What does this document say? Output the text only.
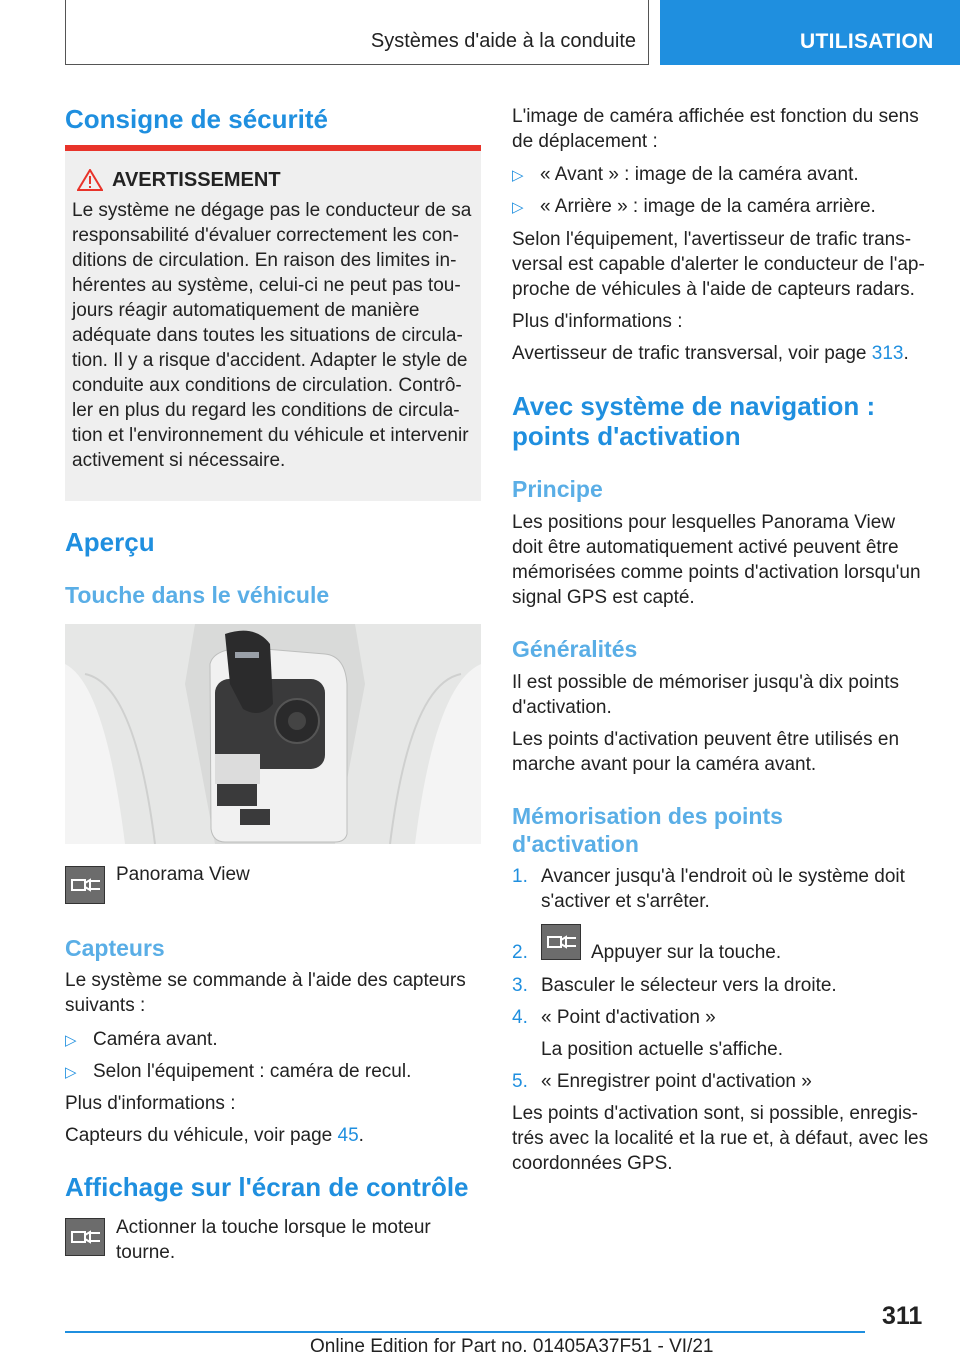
Systèmes d'aide à la conduite	UTILISATION
Consigne de sécurité
AVERTISSEMENT
Le système ne dégage pas le conducteur de sa
responsabilité d'évaluer correctement les con-
ditions de circulation. En raison des limites in-
hérentes au système, celui-ci ne peut pas tou-
jours réagir automatiquement de manière
adéquate dans toutes les situations de circula-
tion. Il y a risque d'accident. Adapter le style de
conduite aux conditions de circulation. Contrô-
ler en plus du regard les conditions de circula-
tion et l'environnement du véhicule et intervenir
activement si nécessaire.
Aperçu
Touche dans le véhicule
Panorama View
Capteurs
Le système se commande à l'aide des capteurs
suivants :
▷ Caméra avant.
▷ Selon l'équipement : caméra de recul.
Plus d'informations :
Capteurs du véhicule, voir page 45.
Affichage sur l'écran de contrôle
Actionner la touche lorsque le moteur
tourne.
L'image de caméra affichée est fonction du sens
de déplacement :
▷ « Avant » : image de la caméra avant.
▷ « Arrière » : image de la caméra arrière.
Selon l'équipement, l'avertisseur de trafic trans-
versal est capable d'alerter le conducteur de l'ap-
proche de véhicules à l'aide de capteurs radars.
Plus d'informations :
Avertisseur de trafic transversal, voir page 313.
Avec système de navigation :
points d'activation
Principe
Les positions pour lesquelles Panorama View
doit être automatiquement activé peuvent être
mémorisées comme points d'activation lorsqu'un
signal GPS est capté.
Généralités
Il est possible de mémoriser jusqu'à dix points
d'activation.
Les points d'activation peuvent être utilisés en
marche avant pour la caméra avant.
Mémorisation des points
d'activation
1. Avancer jusqu'à l'endroit où le système doit
s'activer et s'arrêter.
2.	Appuyer sur la touche.
3. Basculer le sélecteur vers la droite.
4. « Point d'activation »
La position actuelle s'affiche.
5. « Enregistrer point d'activation »
Les points d'activation sont, si possible, enregis-
trés avec la localité et la rue et, à défaut, avec les
coordonnées GPS.
311
Online Edition for Part no. 01405A37F51 - VI/21
